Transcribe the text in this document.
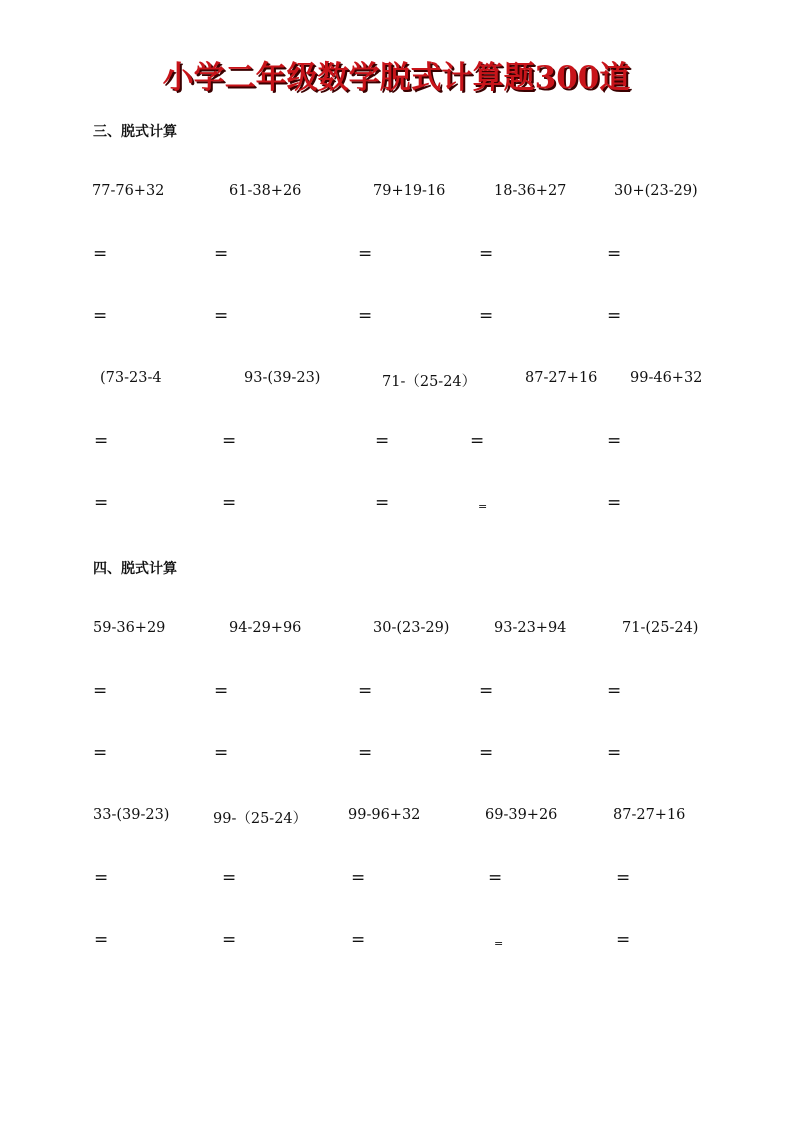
小学二年级数学脱式计算题300道
三、脱式计算
77-76+32	61-38+26	79+19-16	18-36+27	30+(23-29)
=	=	=	=	=
=	=	=	=	=
(73-23-4	93-(39-23)	71-（25-24）	87-27+16 99-46+32
=	=	=	=	=
=	=	=	=	=
四、脱式计算
59-36+29	94-29+96	30-(23-29)	93-23+94	71-(25-24)
=	=	=	=	=
=	=	=	=	=
33-(39-23)	99-（25-24）	99-96+32	69-39+26	87-27+16
=	=	=	=	=
=	=	=	=	=
